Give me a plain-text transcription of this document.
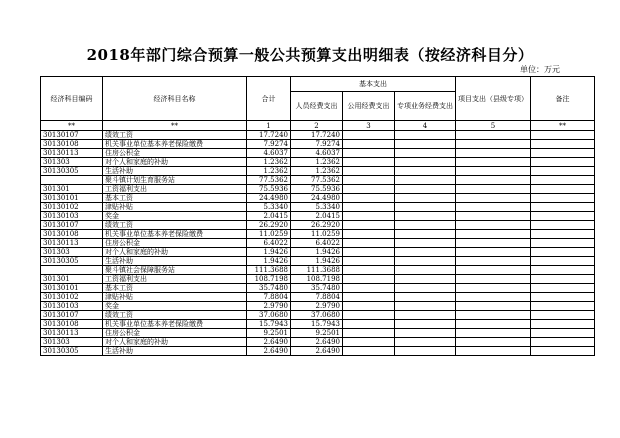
2018年部门综合预算一般公共预算支出明细表（按经济科目分）
单位：万元
经济科目编码	经济科目名称	合计	基本支出			项目支出（县级专项）	备注
			人员经费支出	公用经费支出	专项业务经费支出		
**	**	1	2	3	4	5	**
30130107	绩效工资	17.7240	17.7240				
30130108	机关事业单位基本养老保险缴费	7.9274	7.9274				
30130113	住房公积金	4.6037	4.6037				
301303	对个人和家庭的补助	1.2362	1.2362				
30130305	生活补助	1.2362	1.2362				
	聚斗镇计划生育服务站	77.5362	77.5362				
301301	工资福利支出	75.5936	75.5936				
30130101	基本工资	24.4980	24.4980				
30130102	津贴补贴	5.3340	5.3340				
30130103	奖金	2.0415	2.0415				
30130107	绩效工资	26.2920	26.2920				
30130108	机关事业单位基本养老保险缴费	11.0259	11.0259				
30130113	住房公积金	6.4022	6.4022				
301303	对个人和家庭的补助	1.9426	1.9426				
30130305	生活补助	1.9426	1.9426				
	聚斗镇社会保障服务站	111.3688	111.3688				
301301	工资福利支出	108.7198	108.7198				
30130101	基本工资	35.7480	35.7480				
30130102	津贴补贴	7.8804	7.8804				
30130103	奖金	2.9790	2.9790				
30130107	绩效工资	37.0680	37.0680				
30130108	机关事业单位基本养老保险缴费	15.7943	15.7943				
30130113	住房公积金	9.2501	9.2501				
301303	对个人和家庭的补助	2.6490	2.6490				
30130305	生活补助	2.6490	2.6490				
